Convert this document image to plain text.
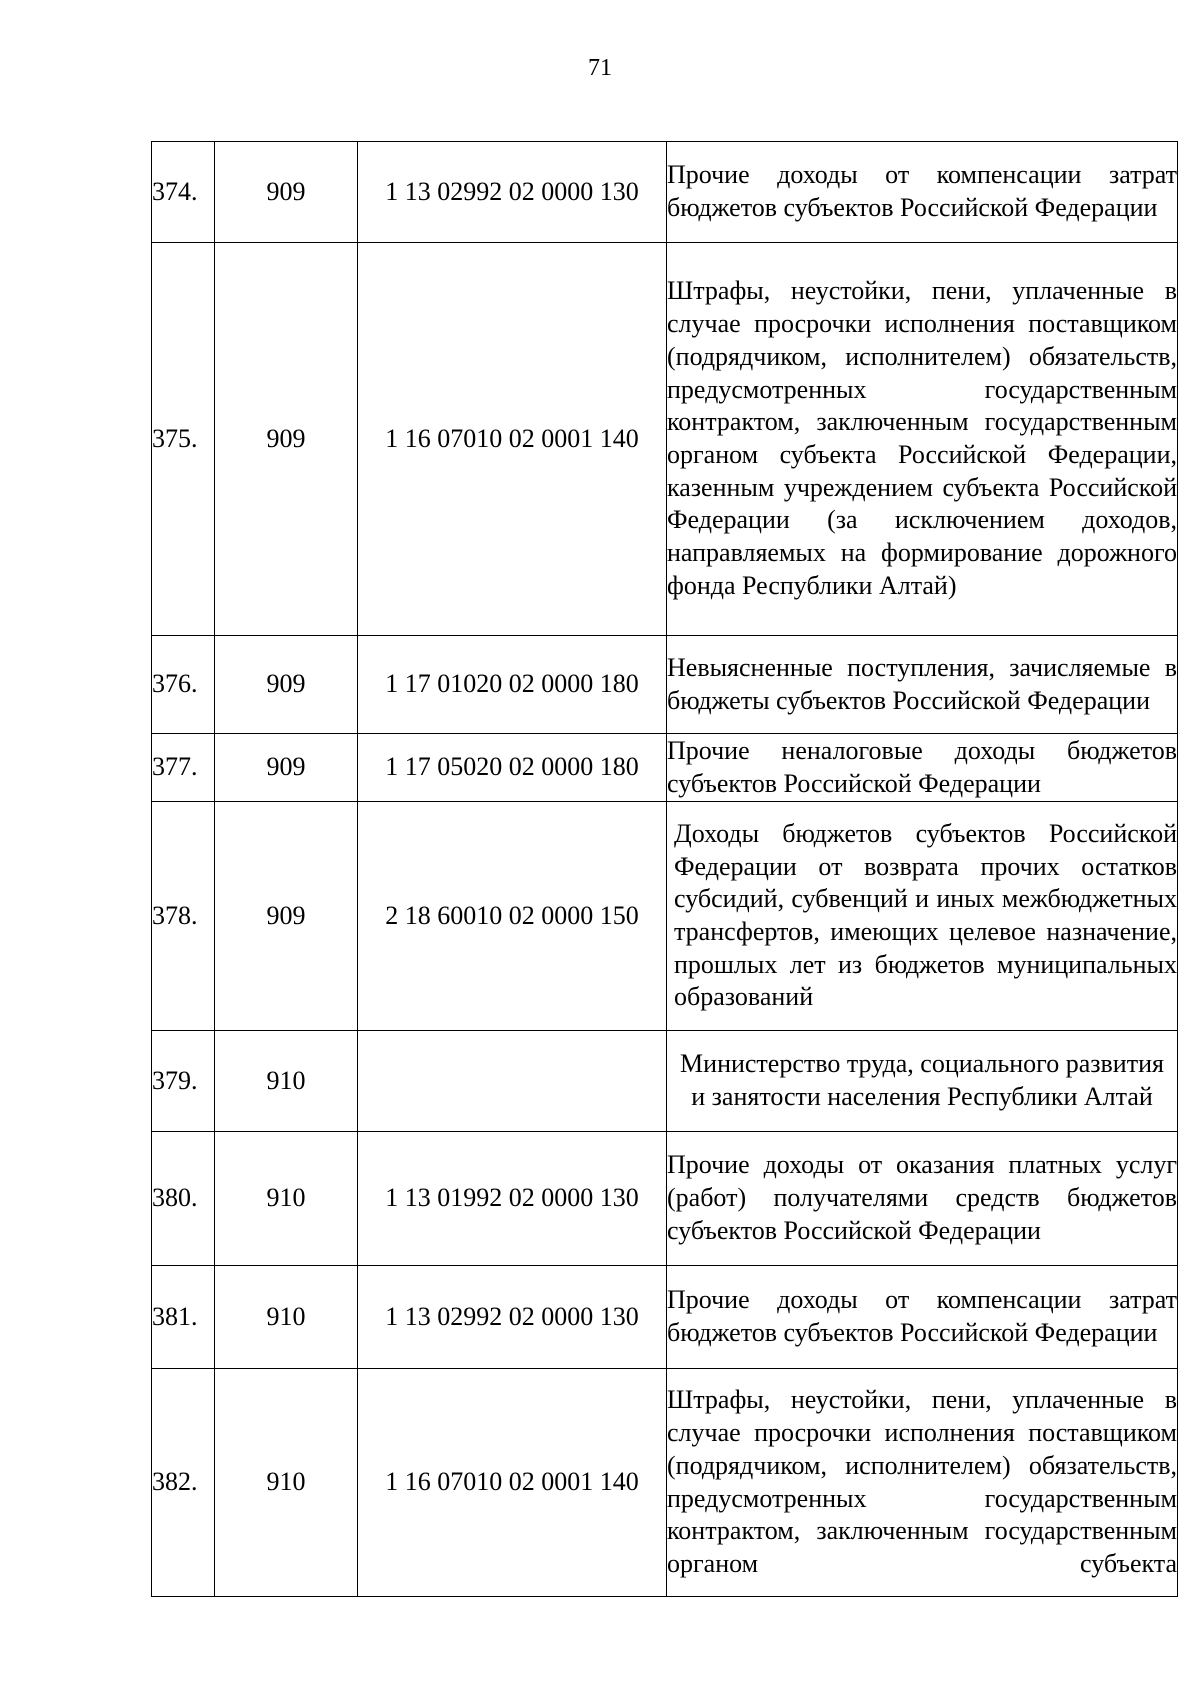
71
374.	909	1 13 02992 02 0000 130	Прочие доходы от компенсации затрат бюджетов субъектов Российской Федерации
375.	909	1 16 07010 02 0001 140	Штрафы, неустойки, пени, уплаченные в случае просрочки исполнения поставщиком (подрядчиком, исполнителем) обязательств, предусмотренных государственным контрактом, заключенным государственным органом субъекта Российской Федерации, казенным учреждением субъекта Российской Федерации (за исключением доходов, направляемых на формирование дорожного фонда Республики Алтай)
376.	909	1 17 01020 02 0000 180	Невыясненные поступления, зачисляемые в бюджеты субъектов Российской Федерации
377.	909	1 17 05020 02 0000 180	Прочие неналоговые доходы бюджетов субъектов Российской Федерации
378.	909	2 18 60010 02 0000 150	Доходы бюджетов субъектов Российской Федерации от возврата прочих остатков субсидий, субвенций и иных межбюджетных трансфертов, имеющих целевое назначение, прошлых лет из бюджетов муниципальных образований
379.	910		Министерство труда, социального развития и занятости населения Республики Алтай
380.	910	1 13 01992 02 0000 130	Прочие доходы от оказания платных услуг (работ) получателями средств бюджетов субъектов Российской Федерации
381.	910	1 13 02992 02 0000 130	Прочие доходы от компенсации затрат бюджетов субъектов Российской Федерации
382.	910	1 16 07010 02 0001 140	Штрафы, неустойки, пени, уплаченные в случае просрочки исполнения поставщиком (подрядчиком, исполнителем) обязательств, предусмотренных государственным контрактом, заключенным государственным органом субъекта
